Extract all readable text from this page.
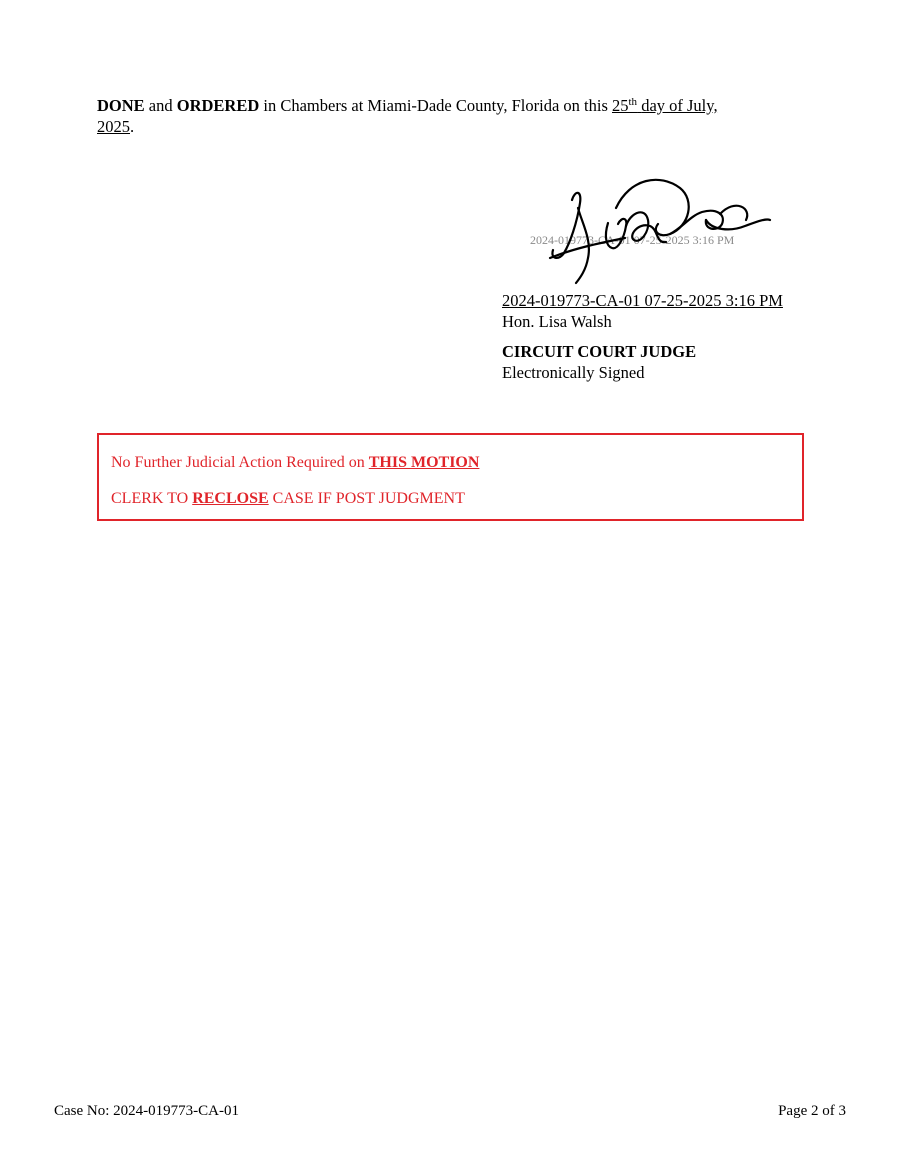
DONE and ORDERED in Chambers at Miami-Dade County, Florida on this 25th day of July,
2025.
2024-019773-CA-01 07-25-2025 3:16 PM
2024-019773-CA-01 07-25-2025 3:16 PM
Hon. Lisa Walsh
CIRCUIT COURT JUDGE
Electronically Signed
No Further Judicial Action Required on THIS MOTION
CLERK TO RECLOSE CASE IF POST JUDGMENT
Case No: 2024-019773-CA-01	Page 2 of 3
